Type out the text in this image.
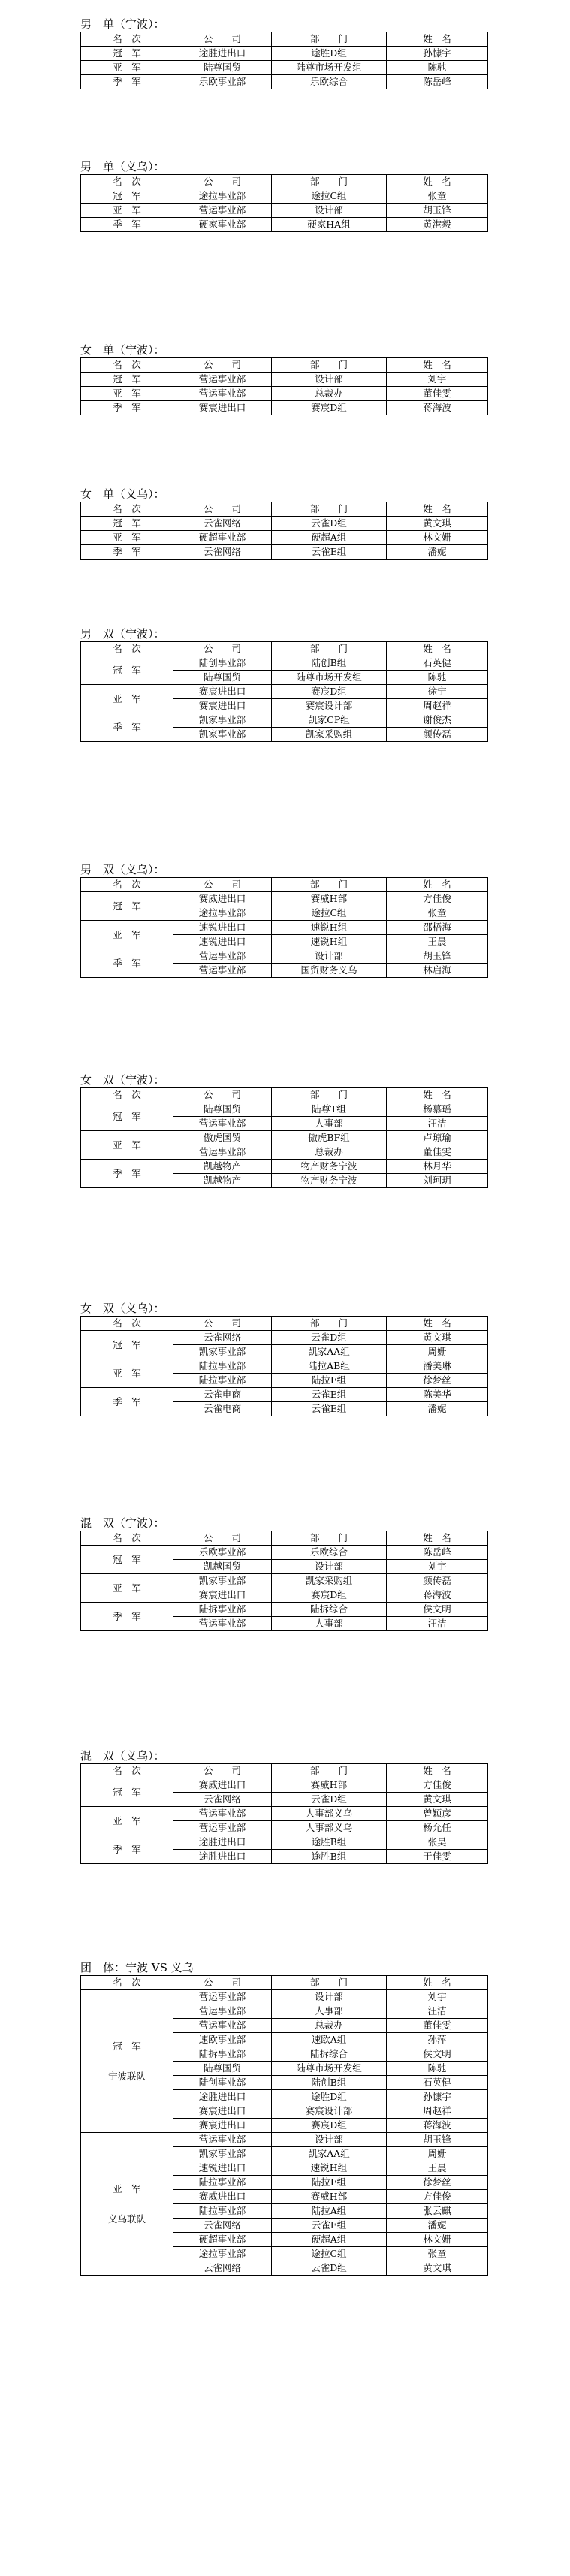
男　单（宁波）：
名　次	公　　司	部　　门	姓　名
冠　军	途胜进出口	途胜D组	孙慷宇
亚　军	陆尊国贸	陆尊市场开发组	陈驰
季　军	乐欧事业部	乐欧综合	陈岳峰
男　单（义乌）：
名　次	公　　司	部　　门	姓　名
冠　军	途拉事业部	途拉C组	张童
亚　军	营运事业部	设计部	胡玉锋
季　军	硬家事业部	硬家HA组	黄港毅
女　单（宁波）：
名　次	公　　司	部　　门	姓　名
冠　军	营运事业部	设计部	刘宇
亚　军	营运事业部	总裁办	董佳雯
季　军	赛宸进出口	赛宸D组	蒋海波
女　单（义乌）：
名　次	公　　司	部　　门	姓　名
冠　军	云雀网络	云雀D组	黄文琪
亚　军	硬超事业部	硬超A组	林文姗
季　军	云雀网络	云雀E组	潘妮
男　双（宁波）：
名　次	公　　司	部　　门	姓　名
冠　军	陆创事业部	陆创B组	石英健
	陆尊国贸	陆尊市场开发组	陈驰
亚　军	赛宸进出口	赛宸D组	徐宁
	赛宸进出口	赛宸设计部	周赵祥
季　军	凯家事业部	凯家CP组	谢俊杰
	凯家事业部	凯家采购组	颜传磊
男　双（义乌）：
名　次	公　　司	部　　门	姓　名
冠　军	赛威进出口	赛威H部	方佳俊
	途拉事业部	途拉C组	张童
亚　军	速锐进出口	速锐H组	邵梧海
	速锐进出口	速锐H组	王晨
季　军	营运事业部	设计部	胡玉锋
	营运事业部	国贸财务义乌	林启海
女　双（宁波）：
名　次	公　　司	部　　门	姓　名
冠　军	陆尊国贸	陆尊T组	杨慕瑶
	营运事业部	人事部	汪洁
亚　军	傲虎国贸	傲虎BF组	卢琼瑜
	营运事业部	总裁办	董佳雯
季　军	凯越物产	物产财务宁波	林月华
	凯越物产	物产财务宁波	刘珂玥
女　双（义乌）：
名　次	公　　司	部　　门	姓　名
冠　军	云雀网络	云雀D组	黄文琪
	凯家事业部	凯家AA组	周姗
亚　军	陆拉事业部	陆拉AB组	潘美琳
	陆拉事业部	陆拉F组	徐梦丝
季　军	云雀电商	云雀E组	陈美华
	云雀电商	云雀E组	潘妮
混　双（宁波）：
名　次	公　　司	部　　门	姓　名
冠　军	乐欧事业部	乐欧综合	陈岳峰
	凯越国贸	设计部	刘宇
亚　军	凯家事业部	凯家采购组	颜传磊
	赛宸进出口	赛宸D组	蒋海波
季　军	陆拆事业部	陆拆综合	侯文明
	营运事业部	人事部	汪洁
混　双（义乌）：
名　次	公　　司	部　　门	姓　名
冠　军	赛威进出口	赛威H部	方佳俊
	云雀网络	云雀D组	黄文琪
亚　军	营运事业部	人事部义乌	曾颖彦
	营运事业部	人事部义乌	杨允任
季　军	途胜进出口	途胜B组	张昊
	途胜进出口	途胜B组	于佳雯
团　体：宁波 VS 义乌
名　次	公　　司	部　　门	姓　名
冠　军

宁波联队	营运事业部	设计部	刘宇
	营运事业部	人事部	汪洁
	营运事业部	总裁办	董佳雯
	速欧事业部	速欧A组	孙萍
	陆拆事业部	陆拆综合	侯文明
	陆尊国贸	陆尊市场开发组	陈驰
	陆创事业部	陆创B组	石英健
	途胜进出口	途胜D组	孙慷宇
	赛宸进出口	赛宸设计部	周赵祥
	赛宸进出口	赛宸D组	蒋海波
亚　军

义乌联队	营运事业部	设计部	胡玉锋
	凯家事业部	凯家AA组	周姗
	速锐进出口	速锐H组	王晨
	陆拉事业部	陆拉F组	徐梦丝
	赛威进出口	赛威H部	方佳俊
	陆拉事业部	陆拉A组	张云麒
	云雀网络	云雀E组	潘妮
	硬超事业部	硬超A组	林文姗
	途拉事业部	途拉C组	张童
	云雀网络	云雀D组	黄文琪
